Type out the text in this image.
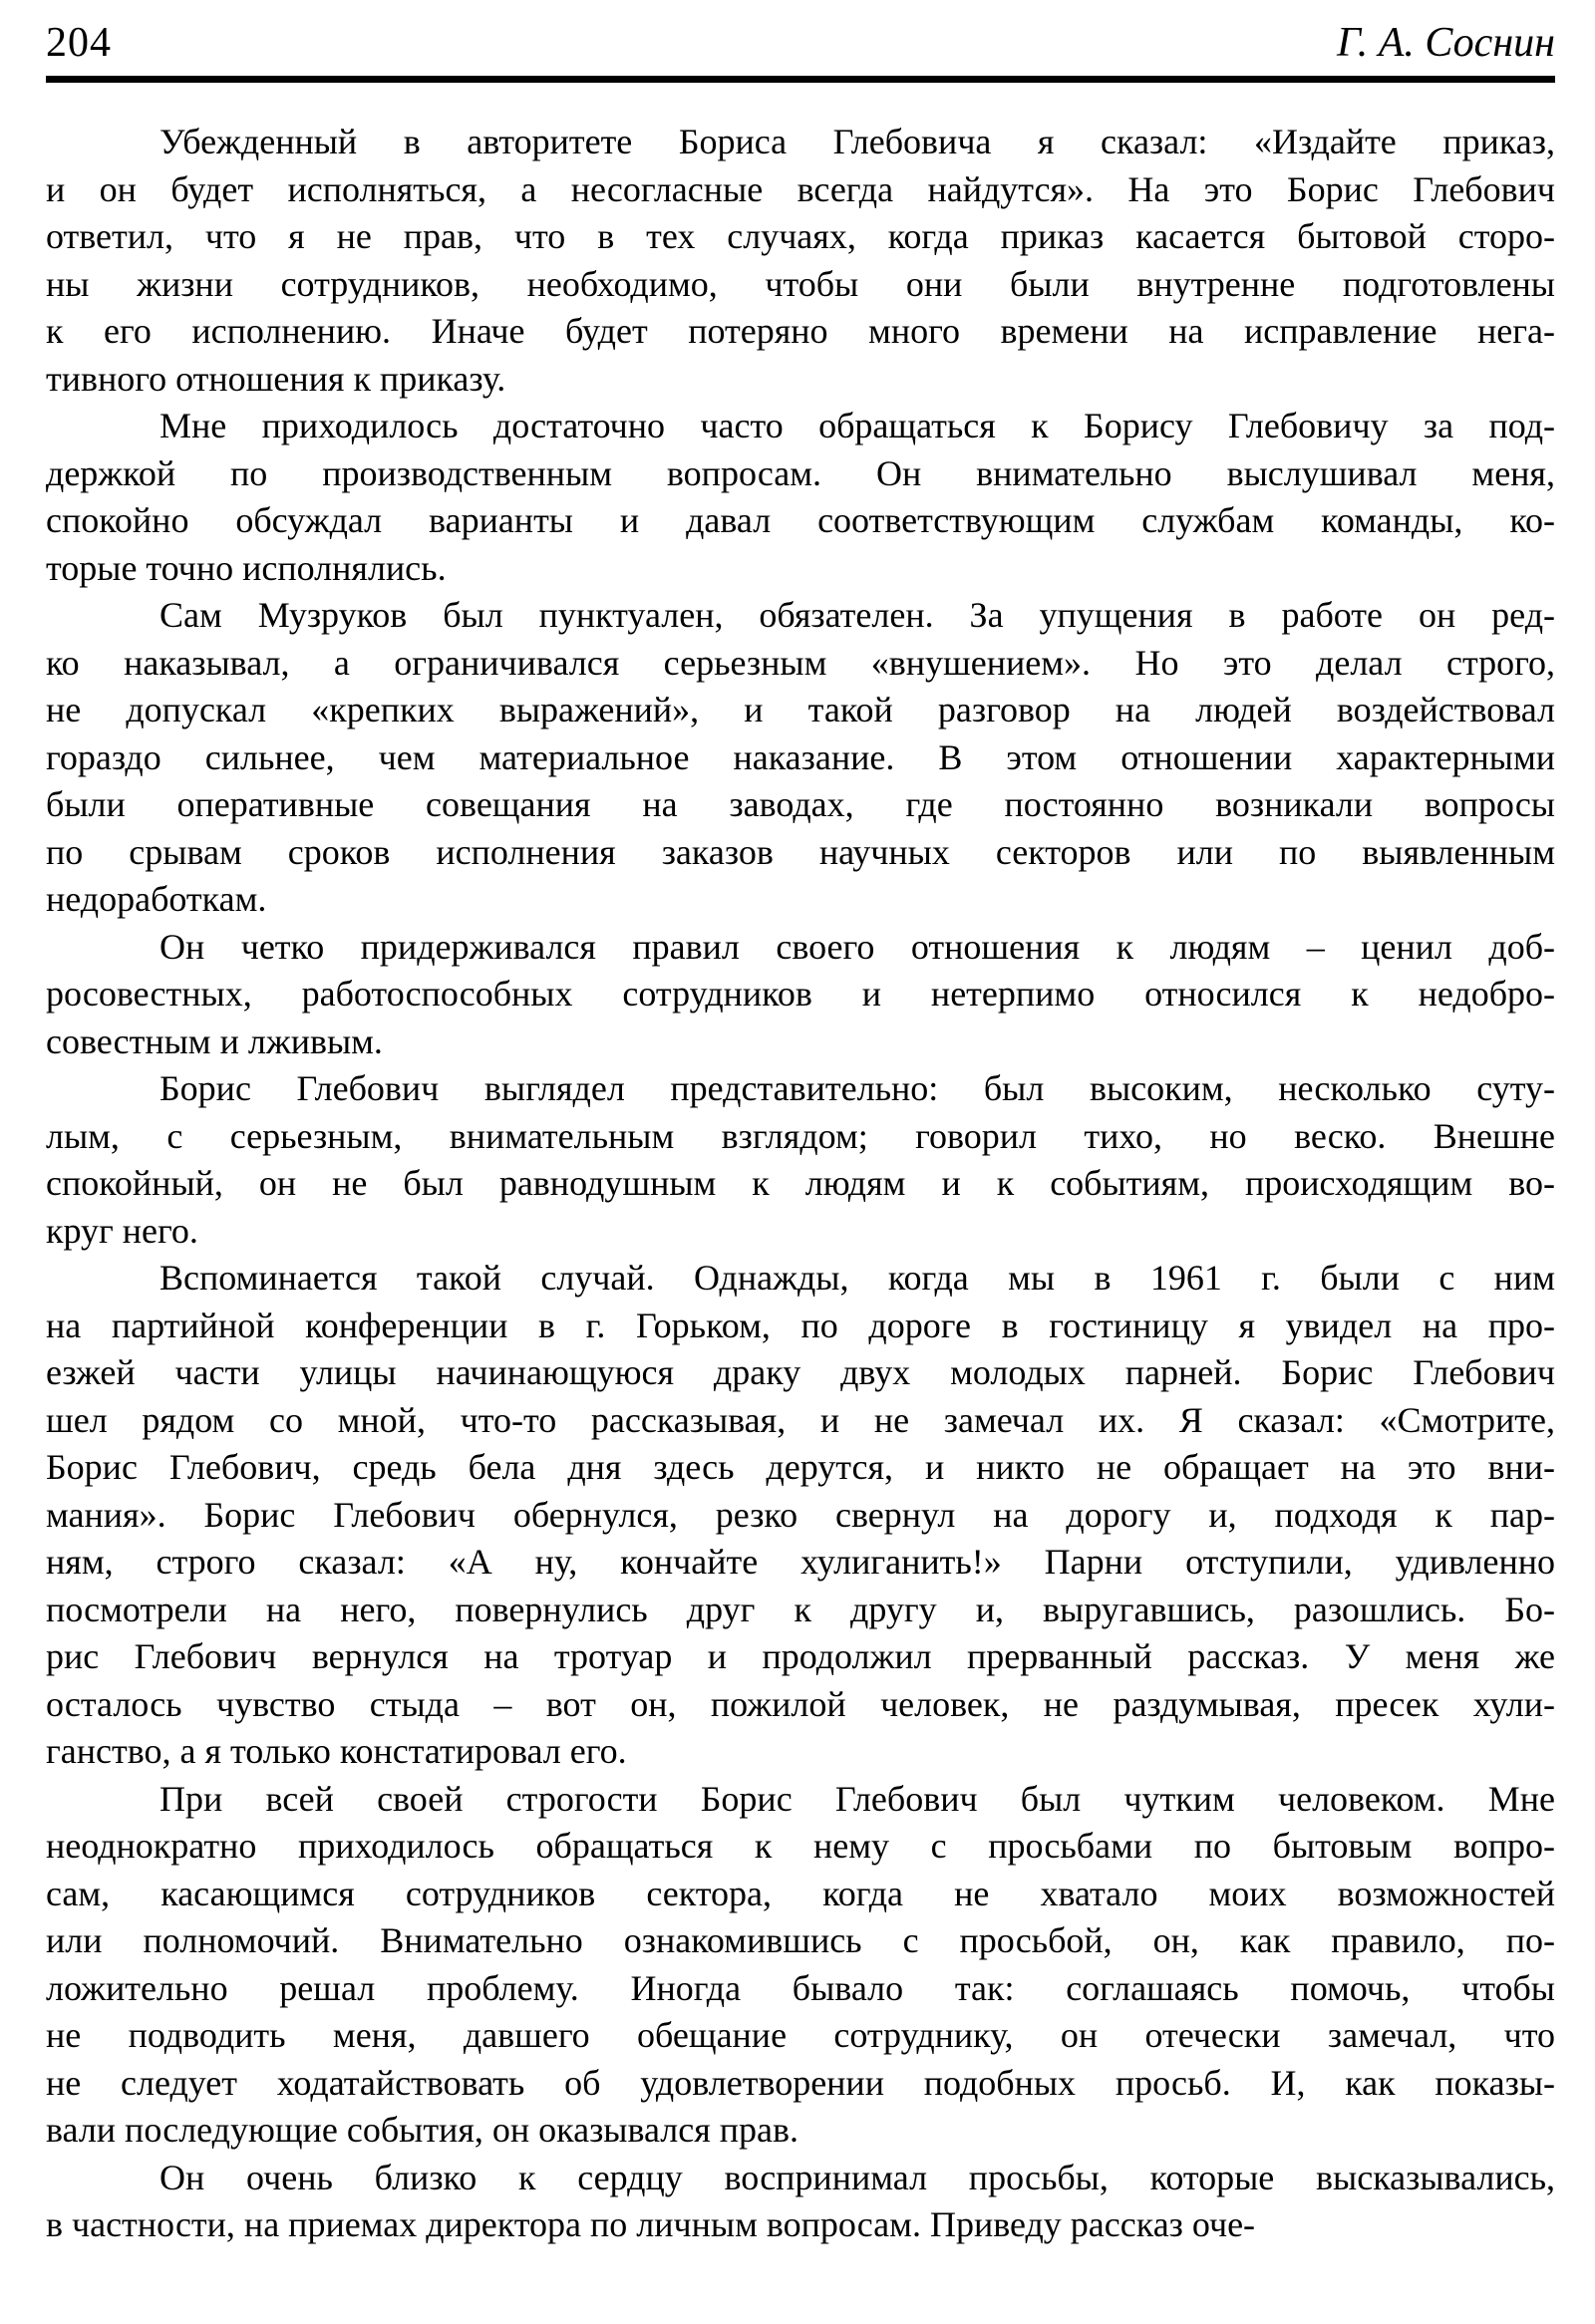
204	Г. А. Соснин
Убежденный в авторитете Бориса Глебовича я сказал: «Издайте приказ,
и он будет исполняться, а несогласные всегда найдутся». На это Борис Глебович
ответил, что я не прав, что в тех случаях, когда приказ касается бытовой сторо-
ны жизни сотрудников, необходимо, чтобы они были внутренне подготовлены
к его исполнению. Иначе будет потеряно много времени на исправление нега-
тивного отношения к приказу.
Мне приходилось достаточно часто обращаться к Борису Глебовичу за под-
держкой по производственным вопросам. Он внимательно выслушивал меня,
спокойно обсуждал варианты и давал соответствующим службам команды, ко-
торые точно исполнялись.
Сам Музруков был пунктуален, обязателен. За упущения в работе он ред-
ко наказывал, а ограничивался серьезным «внушением». Но это делал строго,
не допускал «крепких выражений», и такой разговор на людей воздействовал
гораздо сильнее, чем материальное наказание. В этом отношении характерными
были оперативные совещания на заводах, где постоянно возникали вопросы
по срывам сроков исполнения заказов научных секторов или по выявленным
недоработкам.
Он четко придерживался правил своего отношения к людям – ценил доб-
росовестных, работоспособных сотрудников и нетерпимо относился к недобро-
совестным и лживым.
Борис Глебович выглядел представительно: был высоким, несколько суту-
лым, с серьезным, внимательным взглядом; говорил тихо, но веско. Внешне
спокойный, он не был равнодушным к людям и к событиям, происходящим во-
круг него.
Вспоминается такой случай. Однажды, когда мы в 1961 г. были с ним
на партийной конференции в г. Горьком, по дороге в гостиницу я увидел на про-
езжей части улицы начинающуюся драку двух молодых парней. Борис Глебович
шел рядом со мной, что-то рассказывая, и не замечал их. Я сказал: «Смотрите,
Борис Глебович, средь бела дня здесь дерутся, и никто не обращает на это вни-
мания». Борис Глебович обернулся, резко свернул на дорогу и, подходя к пар-
ням, строго сказал: «А ну, кончайте хулиганить!» Парни отступили, удивленно
посмотрели на него, повернулись друг к другу и, выругавшись, разошлись. Бо-
рис Глебович вернулся на тротуар и продолжил прерванный рассказ. У меня же
осталось чувство стыда – вот он, пожилой человек, не раздумывая, пресек хули-
ганство, а я только констатировал его.
При всей своей строгости Борис Глебович был чутким человеком. Мне
неоднократно приходилось обращаться к нему с просьбами по бытовым вопро-
сам, касающимся сотрудников сектора, когда не хватало моих возможностей
или полномочий. Внимательно ознакомившись с просьбой, он, как правило, по-
ложительно решал проблему. Иногда бывало так: соглашаясь помочь, чтобы
не подводить меня, давшего обещание сотруднику, он отечески замечал, что
не следует ходатайствовать об удовлетворении подобных просьб. И, как показы-
вали последующие события, он оказывался прав.
Он очень близко к сердцу воспринимал просьбы, которые высказывались,
в частности, на приемах директора по личным вопросам. Приведу рассказ оче-
